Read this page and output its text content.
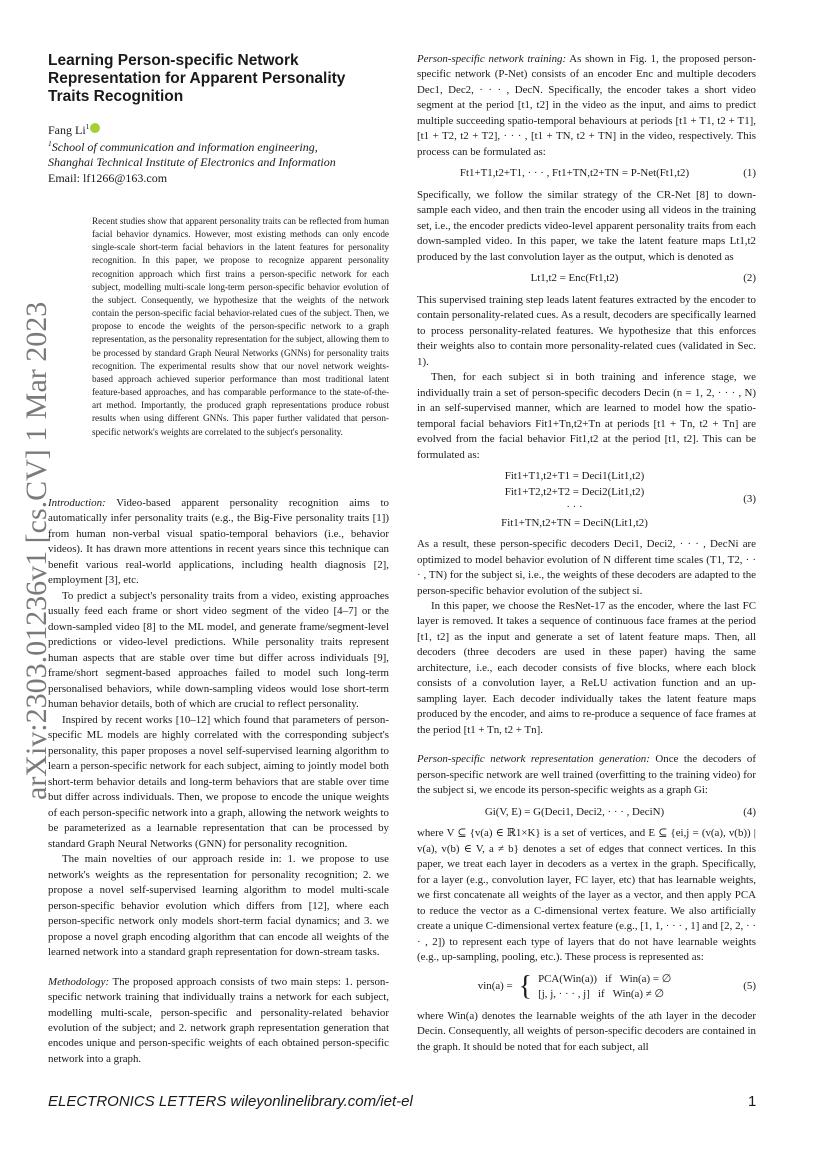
arXiv:2303.01236v1 [cs.CV] 1 Mar 2023
Learning Person-specific Network Representation for Apparent Personality Traits Recognition
Fang Li$^1$
$^1$School of communication and information engineering,
Shanghai Technical Institute of Electronics and Information
Email: lf1266@163.com
Recent studies show that apparent personality traits can be reflected from human facial behavior dynamics. However, most existing methods can only encode single-scale short-term facial behaviors in the latent features for personality recognition. In this paper, we propose to recognize apparent personality recognition approach which first trains a person-specific network for each subject, modelling multi-scale long-term person-specific behavior evolution of the subject. Consequently, we hypothesize that the weights of the network contain the person-specific facial behavior-related cues of the subject. Then, we propose to encode the weights of the person-specific network to a graph representation, as the personality representation for the subject, allowing them to be processed by standard Graph Neural Networks (GNNs) for personality traits recognition. The experimental results show that our novel network weights-based approach achieved superior performance than most traditional latent feature-based approaches, and has comparable performance to the state-of-the-art method. Importantly, the produced graph representations produce robust results when using different GNNs. This paper further validated that person-specific network's weights are correlated to the subject's personality.

Introduction: Video-based apparent personality recognition aims to automatically infer personality traits (e.g., the Big-Five personality traits [1]) from human non-verbal visual spatio-temporal behaviors (i.e., behavior videos). It has drawn more attentions in recent years since this technique can benefit various real-world applications, including health diagnosis [2], employment [3], etc.

To predict a subject's personality traits from a video, existing approaches usually feed each frame or short video segment of the video [4–7] or the down-sampled video [8] to the ML model, and generate frame/segment-level predictions or video-level predictions. While personality traits represent human aspects that are stable over time but differ across individuals [9], frame/short segment-based approaches failed to model such long-term personalised behaviors, while down-sampling videos would lose short-term human behavior details, both of which are crucial to reflect personality.

Inspired by recent works [10–12] which found that parameters of person-specific ML models are highly correlated with the corresponding subject's personality, this paper proposes a novel self-supervised learning algorithm to learn a person-specific network for each subject, aiming to jointly model both short-term behavior details and long-term behaviors that are stable over time but differ across individuals. Then, we propose to encode the unique weights of each person-specific network into a graph, allowing the network weights to be parameterized as a learnable representation that can be processed by standard Graph Neural Networks (GNN) for personality recognition.

The main novelties of our approach reside in: 1. we propose to use network's weights as the representation for personality recognition; 2. we propose a novel self-supervised learning algorithm to model multi-scale person-specific behavior evolution which differs from [12], where each person-specific network only models short-term facial dynamics; and 3. we propose a novel graph encoding algorithm that can encode all weights of the learned network into a standard graph representation for down-stream tasks.

Methodology: The proposed approach consists of two main steps: 1. person-specific network training that individually trains a network for each subject, modelling multi-scale, person-specific and personality-related behavior evolution of the subject; and 2. network graph representation generation that encodes unique and person-specific weights of each obtained person-specific network into a graph.

Person-specific network training: As shown in Fig. 1, the proposed person-specific network (P-Net) consists of an encoder Enc and multiple decoders Dec1, Dec2, · · · , DecN. Specifically, the encoder takes a short video segment at the period [t1, t2] in the video as the input, and aims to predict multiple succeeding spatio-temporal behaviours at periods [t1 + T1, t2 + T1], [t1 + T2, t2 + T2], · · · , [t1 + TN, t2 + TN] in the video, respectively. This process can be formulated as:

Ft1+T1,t2+T1, · · · , Ft1+TN,t2+TN = P-Net(Ft1,t2)	(1)

Specifically, we follow the similar strategy of the CR-Net [8] to down-sample each video, and then train the encoder using all videos in the training set, i.e., the encoder predicts video-level apparent personality traits from each down-sampled video. In this paper, we take the latent feature maps Lt1,t2 produced by the last convolution layer as the output, which is denoted as

Lt1,t2 = Enc(Ft1,t2)	(2)

This supervised training step leads latent features extracted by the encoder to contain personality-related cues. As a result, decoders are specifically learned to process personality-related features. We hypothesize that this enforces their weights also to contain more personality-related cues (validated in Sec. 1).

Then, for each subject si in both training and inference stage, we individually train a set of person-specific decoders Decin (n = 1, 2, · · · , N) in an self-supervised manner, which are learned to model how the spatio-temporal facial behaviors Fit1+Tn,t2+Tn at periods [t1 + Tn, t2 + Tn] are evolved from the facial behavior Fit1,t2 at the period [t1, t2]. This can be formulated as:

Fit1+T1,t2+T1 = Deci1(Lit1,t2)
Fit1+T2,t2+T2 = Deci2(Lit1,t2)
· · ·
Fit1+TN,t2+TN = DeciN(Lit1,t2)
(3)

As a result, these person-specific decoders Deci1, Deci2, · · · , DecNi are optimized to model behavior evolution of N different time scales (T1, T2, · · · , TN) for the subject si, i.e., the weights of these decoders are adapted to the person-specific behavior evolution of the subject si.

In this paper, we choose the ResNet-17 as the encoder, where the last FC layer is removed. It takes a sequence of continuous face frames at the period [t1, t2] as the input and generate a set of latent feature maps. Then, all decoders (three decoders are used in these paper) having the same architecture, i.e., each decoder consists of five blocks, where each block consists of a convolution layer, a ReLU activation function and an up-sampling layer. Each decoder individually takes the latent feature maps produced by the encoder, and aims to re-produce a sequence of face frames at the period [t1 + Tn, t2 + Tn].

Person-specific network representation generation: Once the decoders of person-specific network are well trained (overfitting to the training video) for the subject si, we encode its person-specific weights as a graph Gi:

Gi(V, E) = G(Deci1, Deci2, · · · , DeciN)	(4)

where V ⊆ {v(a) ∈ ℝ1×K} is a set of vertices, and E ⊆ {ei,j = (v(a), v(b)) | v(a), v(b) ∈ V, a ≠ b} denotes a set of edges that connect vertices. In this paper, we treat each layer in decoders as a vertex in the graph. Specifically, for a layer (e.g., convolution layer, FC layer, etc) that has learnable weights, we first concatenate all weights of the layer as a vector, and then apply PCA to reduce the vector as a C-dimensional vertex feature. We also artificially create a unique C-dimensional vertex feature (e.g., [1, 1, · · · , 1] and [2, 2, · · · , 2]) to represent each type of layers that do not have learnable weights (e.g., up-sampling, pooling, etc.). These process is represented as:

vin(a) = { PCA(Win(a))   if   Win(a) = ∅
[j, j, · · · , j]   if   Win(a) ≠ ∅
(5)

where Win(a) denotes the learnable weights of the ath layer in the decoder Decin. Consequently, all weights of person-specific decoders are contained in the graph. It should be noted that for each subject, all

ELECTRONICS LETTERS wileyonlinelibrary.com/iet-el	1
